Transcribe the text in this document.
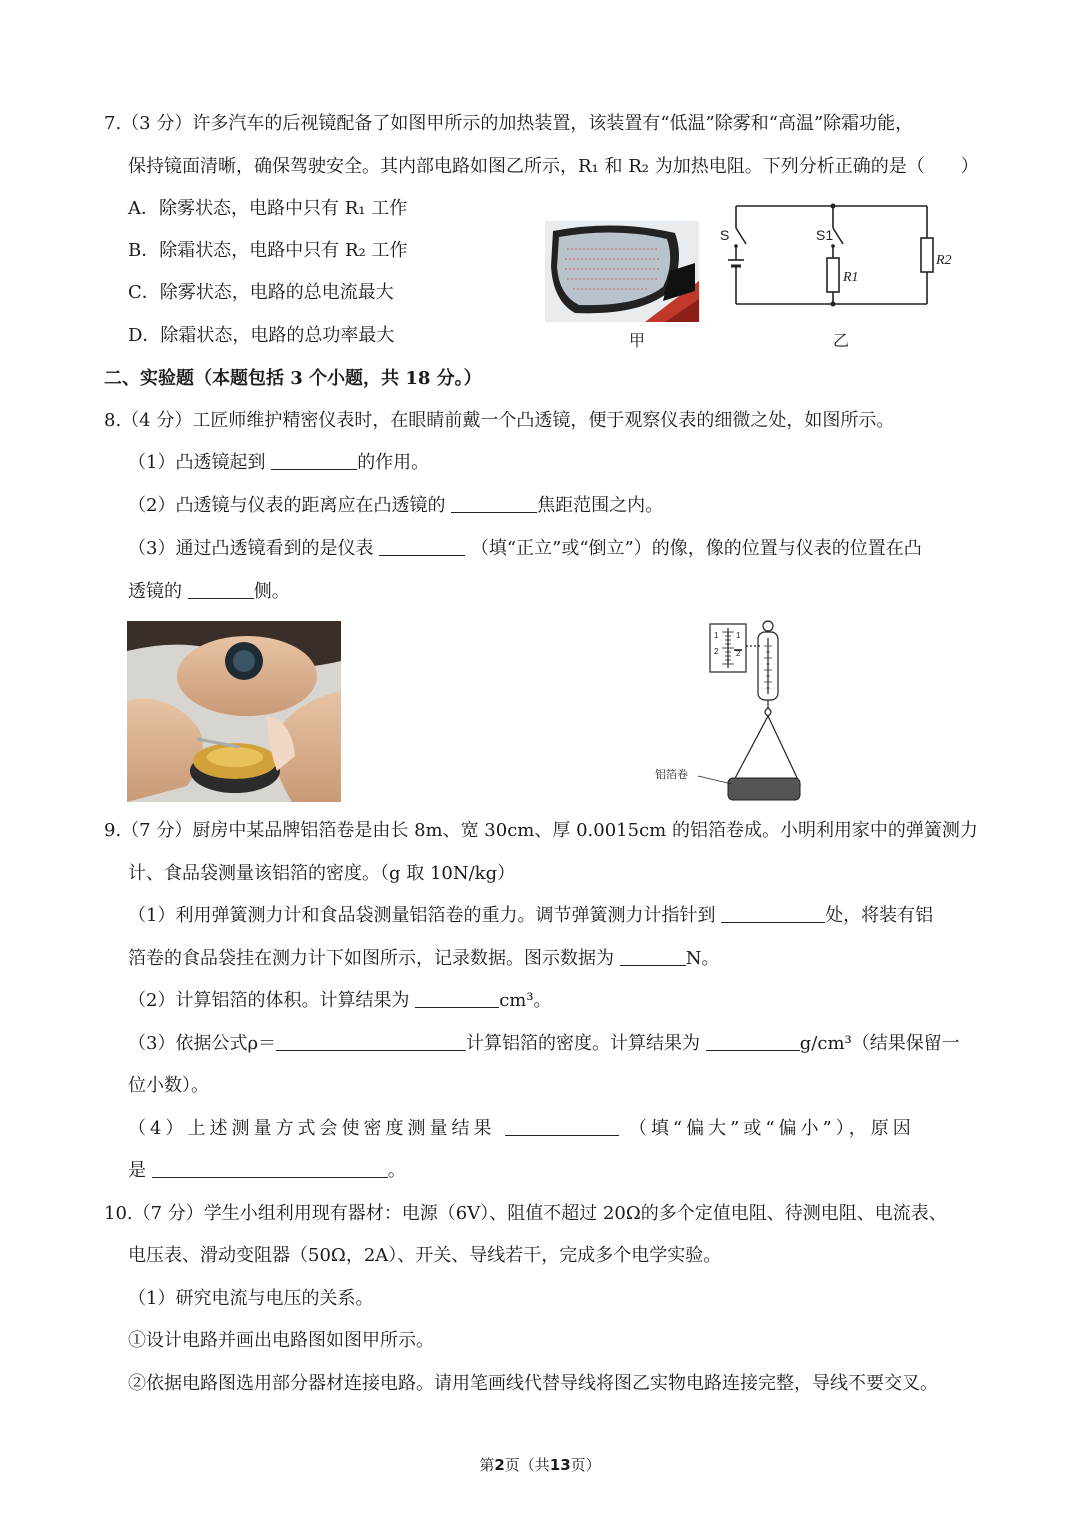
7.（3 分）许多汽车的后视镜配备了如图甲所示的加热装置，该装置有“低温”除雾和“高温”除霜功能，
保持镜面清晰，确保驾驶安全。其内部电路如图乙所示，R₁ 和 R₂ 为加热电阻。下列分析正确的是（　　）
A．除雾状态，电路中只有 R₁ 工作
B．除霜状态，电路中只有 R₂ 工作
C．除雾状态，电路的总电流最大
D．除霜状态，电路的总功率最大	甲
S	S1
R1
R2
乙
二、实验题（本题包括 3 个小题，共 18 分。）
8.（4 分）工匠师维护精密仪表时，在眼睛前戴一个凸透镜，便于观察仪表的细微之处，如图所示。
（1）凸透镜起到	的作用。
（2）凸透镜与仪表的距离应在凸透镜的	焦距范围之内。
（3）通过凸透镜看到的是仪表	（填“正立”或“倒立”）的像，像的位置与仪表的位置在凸
透镜的	侧。
1
2
1
2
铝箔卷
9.（7 分）厨房中某品牌铝箔卷是由长 8m、宽 30cm、厚 0.0015cm 的铝箔卷成。小明利用家中的弹簧测力
计、食品袋测量该铝箔的密度。（g 取 10N/kg）
（1）利用弹簧测力计和食品袋测量铝箔卷的重力。调节弹簧测力计指针到	处，将装有铝
箔卷的食品袋挂在测力计下如图所示，记录数据。图示数据为	N。
（2）计算铝箔的体积。计算结果为	cm³。
（3）依据公式ρ＝	计算铝箔的密度。计算结果为	g/cm³（结果保留一
位小数）。
（4）上述测量方式会使密度测量结果	（填“偏大”或“偏小”），原因
是	。
10.（7 分）学生小组利用现有器材：电源（6V）、阻值不超过 20Ω的多个定值电阻、待测电阻、电流表、
电压表、滑动变阻器（50Ω，2A）、开关、导线若干，完成多个电学实验。
（1）研究电流与电压的关系。
①设计电路并画出电路图如图甲所示。
②依据电路图选用部分器材连接电路。请用笔画线代替导线将图乙实物电路连接完整，导线不要交叉。
第2页（共13页）
